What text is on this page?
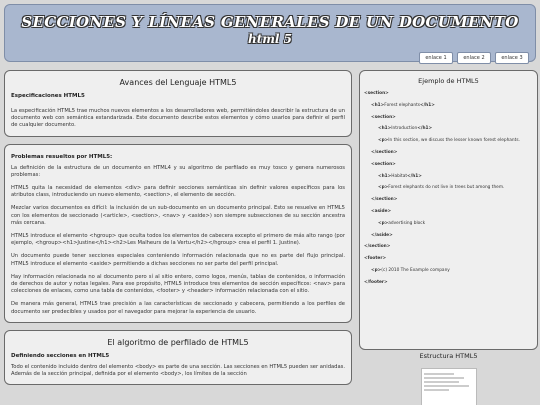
SECCIONES Y LÍNEAS GENERALES DE UN DOCUMENTO
html 5
enlace 1	enlace 2	enlace 3
Avances del Lenguaje HTML5
Especificaciones HTML5

La especificación HTML5 trae muchos nuevos elementos a los desarrolladores web, permitiéndoles describir la estructura de un documento web con semántica estandarizada. Este documento describe estos elementos y cómo usarlos para definir el perfil de cualquier documento.

Problemas resueltos por HTML5:

La definición de la estructura de un documento en HTML4 y su algoritmo de perfilado es muy tosco y genera numerosos problemas:

HTML5 quita la necesidad de elementos <div> para definir secciones semánticas sin definir valores específicos para los atributos class, introduciendo un nuevo elemento, <section>, el elemento de sección.

Mezclar varios documentos es difícil: la inclusión de un sub-documento en un documento principal. Esto se resuelve en HTML5 con los elementos de seccionado (<article>, <section>, <nav> y <aside>) son siempre subsecciones de su sección ancestra más cercana.

HTML5 introduce el elemento <hgroup> que oculta todos los elementos de cabecera excepto el primero de más alto rango (por ejemplo, <hgroup><h1>Justine</h1><h2>Les Malheurs de la Vertu</h2></hgroup> crea el perfil 1. Justine).

Un documento puede tener secciones especiales conteniendo información relacionada que no es parte del flujo principal. HTML5 introduce el elemento <aside> permitiendo a dichas secciones no ser parte del perfil principal.

Hay información relacionada no al documento pero sí al sitio entero, como logos, menús, tablas de contenidos, o información de derechos de autor y notas legales. Para ese propósito, HTML5 introduce tres elementos de sección específicos: <nav> para colecciones de enlaces, como una tabla de contenidos, <footer> y <header> información relacionada con el sitio.

De manera más general, HTML5 trae precisión a las características de seccionado y cabecera, permitiendo a los perfiles de documento ser predecibles y usados por el navegador para mejorar la experiencia de usuario.

El algoritmo de perfilado de HTML5
Definiendo secciones en HTML5

Todo el contenido incluido dentro del elemento <body> es parte de una sección. Las secciones en HTML5 pueden ser anidadas. Además de la sección principal, definida por el elemento <body>, los límites de la sección

Ejemplo de HTML5
<section>
<h1>Forest elephants</h1>
<section>
<h1>Introduction</h1>
<p>In this section, we discuss the lesser known forest elephants.
</section>
<section>
<h1>Habitat</h1>
<p>Forest elephants do not live in trees but among them.
</section>
<aside>
<p>advertising block
</aside>
</section>
<footer>
<p>(c) 2010 The Example company
</footer>
Estructura HTML5
